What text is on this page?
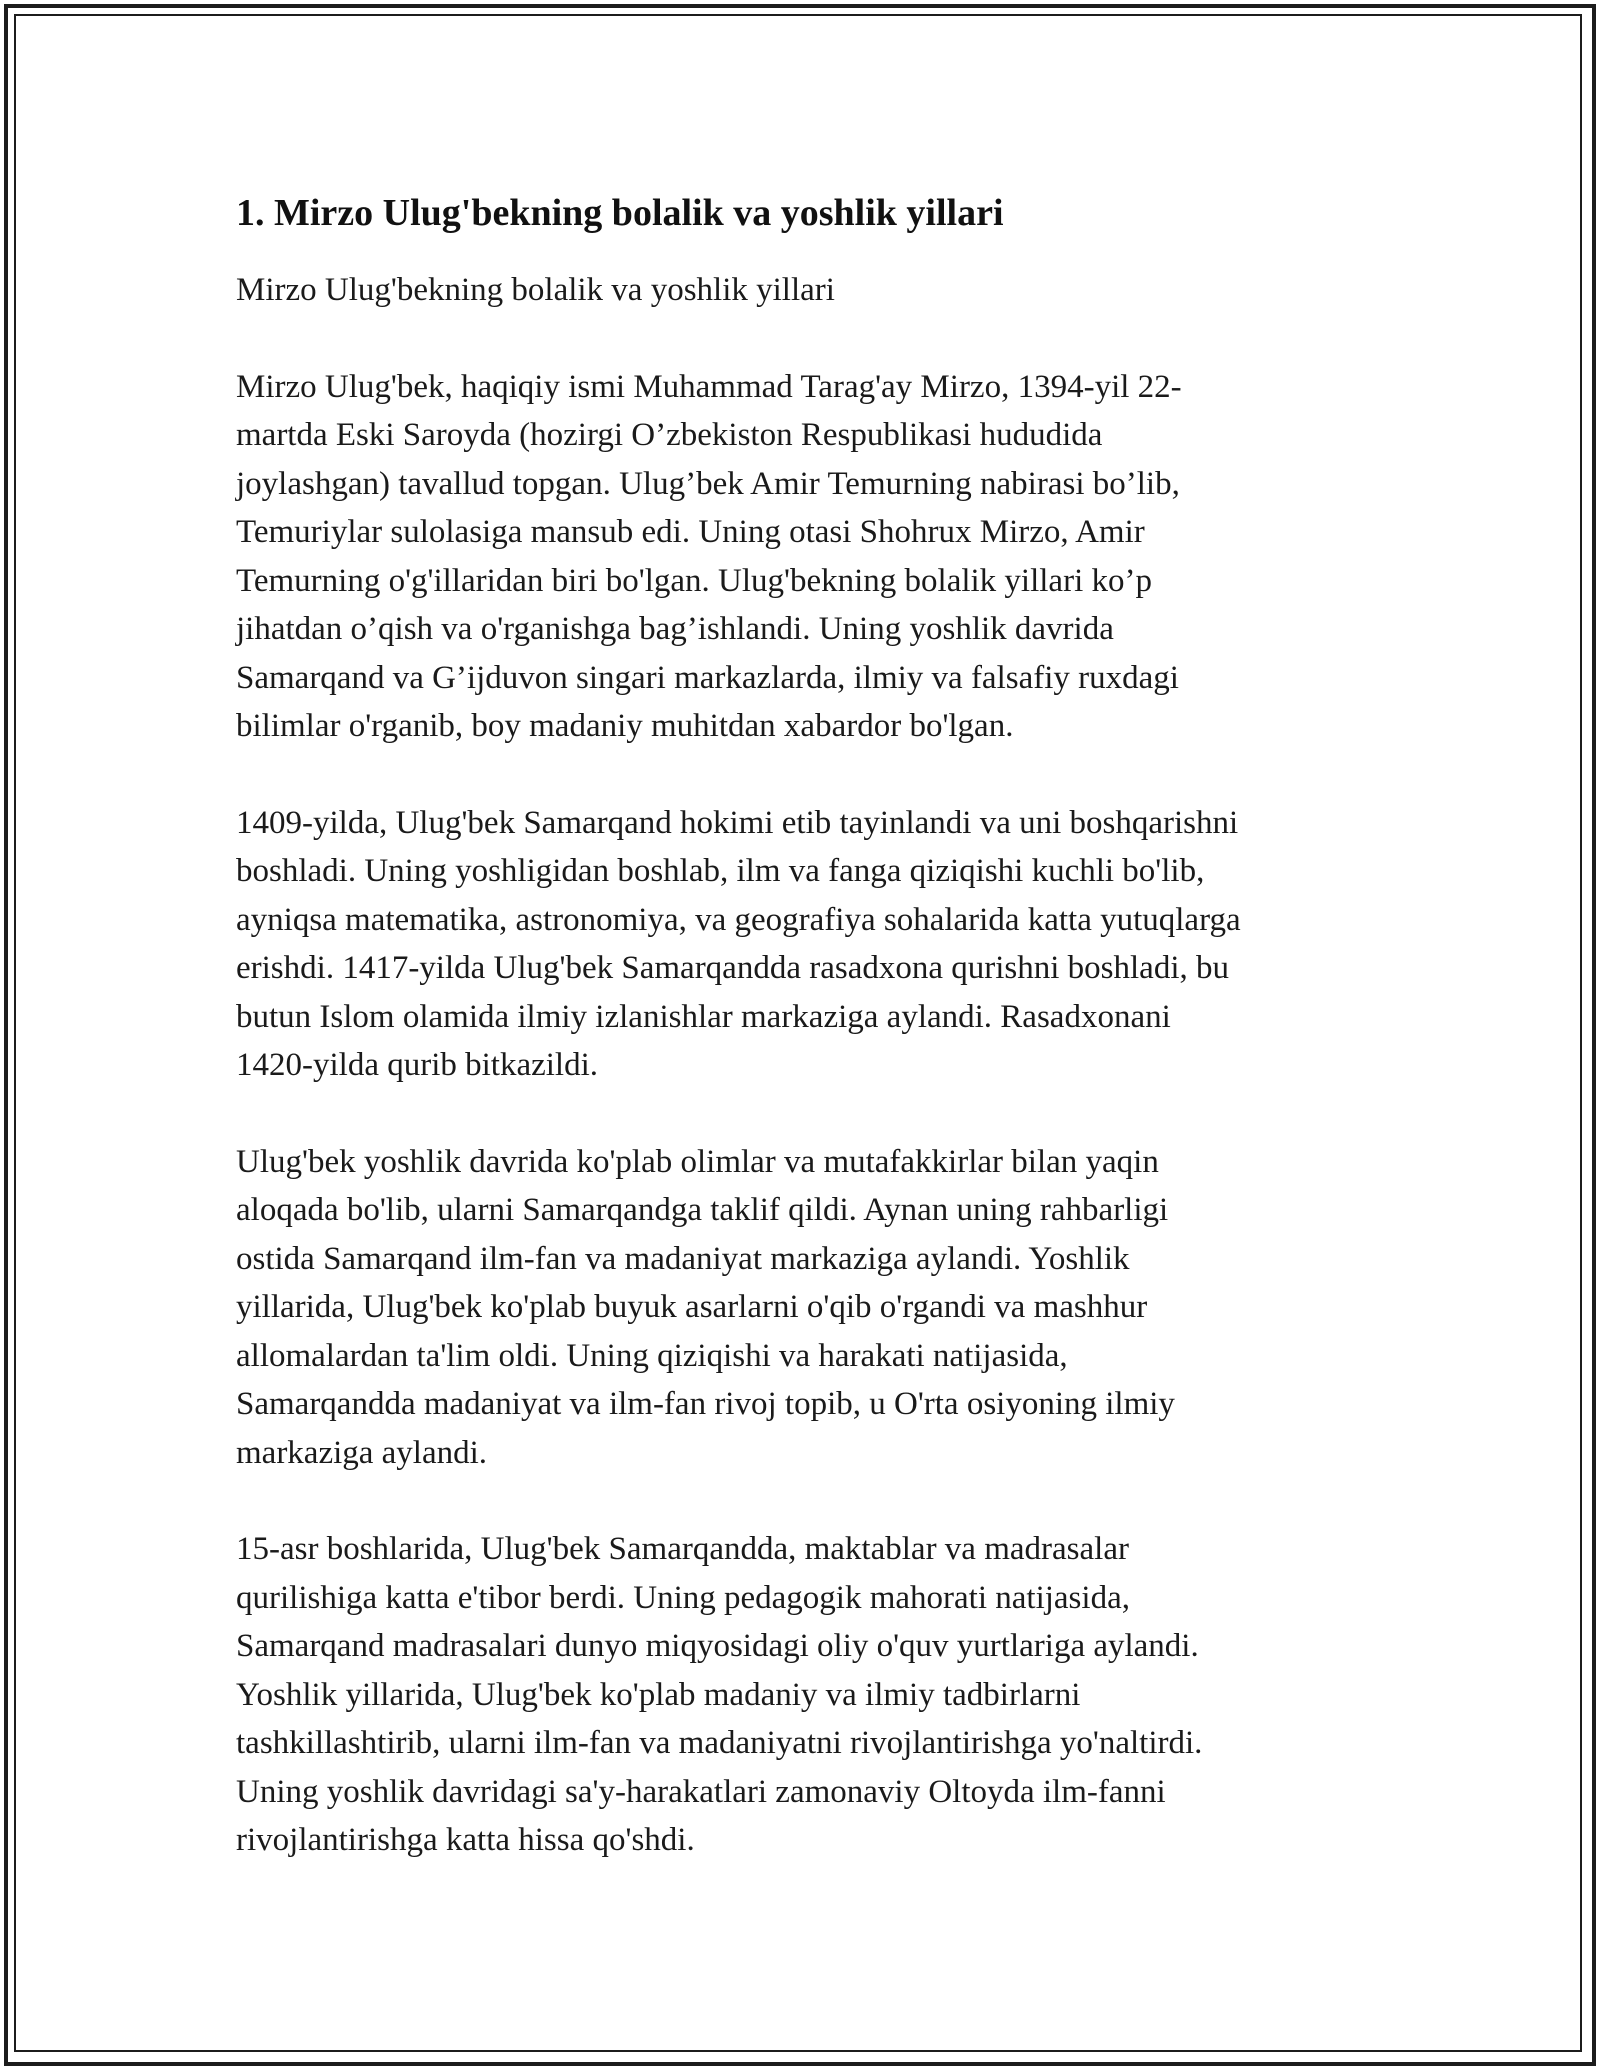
1. Mirzo Ulug'bekning bolalik va yoshlik yillari

Mirzo Ulug'bekning bolalik va yoshlik yillari

Mirzo Ulug'bek, haqiqiy ismi Muhammad Tarag'ay Mirzo, 1394-yil 22-
martda Eski Saroyda (hozirgi O’zbekiston Respublikasi hududida
joylashgan) tavallud topgan. Ulug’bek Amir Temurning nabirasi bo’lib,
Temuriylar sulolasiga mansub edi. Uning otasi Shohrux Mirzo, Amir
Temurning o'g'illaridan biri bo'lgan. Ulug'bekning bolalik yillari ko’p
jihatdan o’qish va o'rganishga bag’ishlandi. Uning yoshlik davrida
Samarqand va G’ijduvon singari markazlarda, ilmiy va falsafiy ruxdagi
bilimlar o'rganib, boy madaniy muhitdan xabardor bo'lgan.

1409-yilda, Ulug'bek Samarqand hokimi etib tayinlandi va uni boshqarishni
boshladi. Uning yoshligidan boshlab, ilm va fanga qiziqishi kuchli bo'lib,
ayniqsa matematika, astronomiya, va geografiya sohalarida katta yutuqlarga
erishdi. 1417-yilda Ulug'bek Samarqandda rasadxona qurishni boshladi, bu
butun Islom olamida ilmiy izlanishlar markaziga aylandi. Rasadxonani
1420-yilda qurib bitkazildi.

Ulug'bek yoshlik davrida ko'plab olimlar va mutafakkirlar bilan yaqin
aloqada bo'lib, ularni Samarqandga taklif qildi. Aynan uning rahbarligi
ostida Samarqand ilm-fan va madaniyat markaziga aylandi. Yoshlik
yillarida, Ulug'bek ko'plab buyuk asarlarni o'qib o'rgandi va mashhur
allomalardan ta'lim oldi. Uning qiziqishi va harakati natijasida,
Samarqandda madaniyat va ilm-fan rivoj topib, u O'rta osiyoning ilmiy
markaziga aylandi.

15-asr boshlarida, Ulug'bek Samarqandda, maktablar va madrasalar
qurilishiga katta e'tibor berdi. Uning pedagogik mahorati natijasida,
Samarqand madrasalari dunyo miqyosidagi oliy o'quv yurtlariga aylandi.
Yoshlik yillarida, Ulug'bek ko'plab madaniy va ilmiy tadbirlarni
tashkillashtirib, ularni ilm-fan va madaniyatni rivojlantirishga yo'naltirdi.
Uning yoshlik davridagi sa'y-harakatlari zamonaviy Oltoyda ilm-fanni
rivojlantirishga katta hissa qo'shdi.
